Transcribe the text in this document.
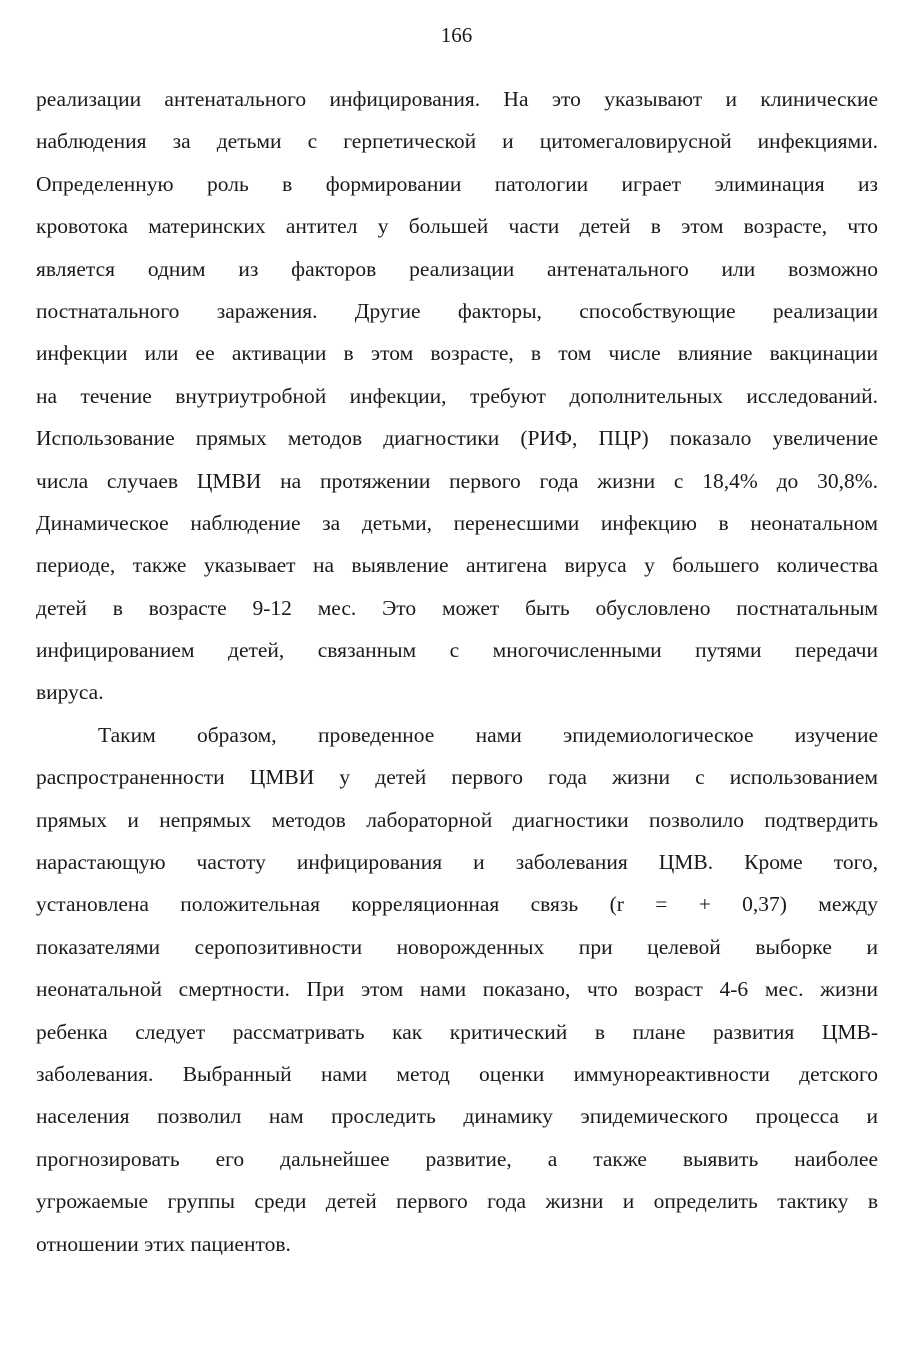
166
реализации антенатального инфицирования. На это указывают и клинические
наблюдения за детьми с герпетической и цитомегаловирусной инфекциями.
Определенную роль в формировании патологии играет элиминация из
кровотока материнских антител у большей части детей в этом возрасте, что
является одним из факторов реализации антенатального или возможно
постнатального заражения. Другие факторы, способствующие реализации
инфекции или ее активации в этом возрасте, в том числе влияние вакцинации
на течение внутриутробной инфекции, требуют дополнительных исследований.
Использование прямых методов диагностики (РИФ, ПЦР) показало увеличение
числа случаев ЦМВИ на протяжении первого года жизни с 18,4% до 30,8%.
Динамическое наблюдение за детьми, перенесшими инфекцию в неонатальном
периоде, также указывает на выявление антигена вируса у большего количества
детей в возрасте 9-12 мес. Это может быть обусловлено постнатальным
инфицированием детей, связанным с многочисленными путями передачи
вируса.
Таким образом, проведенное нами эпидемиологическое изучение
распространенности ЦМВИ у детей первого года жизни с использованием
прямых и непрямых методов лабораторной диагностики позволило подтвердить
нарастающую частоту инфицирования и заболевания ЦМВ. Кроме того,
установлена положительная корреляционная связь (r = + 0,37) между
показателями серопозитивности новорожденных при целевой выборке и
неонатальной смертности. При этом нами показано, что возраст 4-6 мес. жизни
ребенка следует рассматривать как критический в плане развития ЦМВ-
заболевания. Выбранный нами метод оценки иммунореактивности детского
населения позволил нам проследить динамику эпидемического процесса и
прогнозировать его дальнейшее развитие, а также выявить наиболее
угрожаемые группы среди детей первого года жизни и определить тактику в
отношении этих пациентов.
